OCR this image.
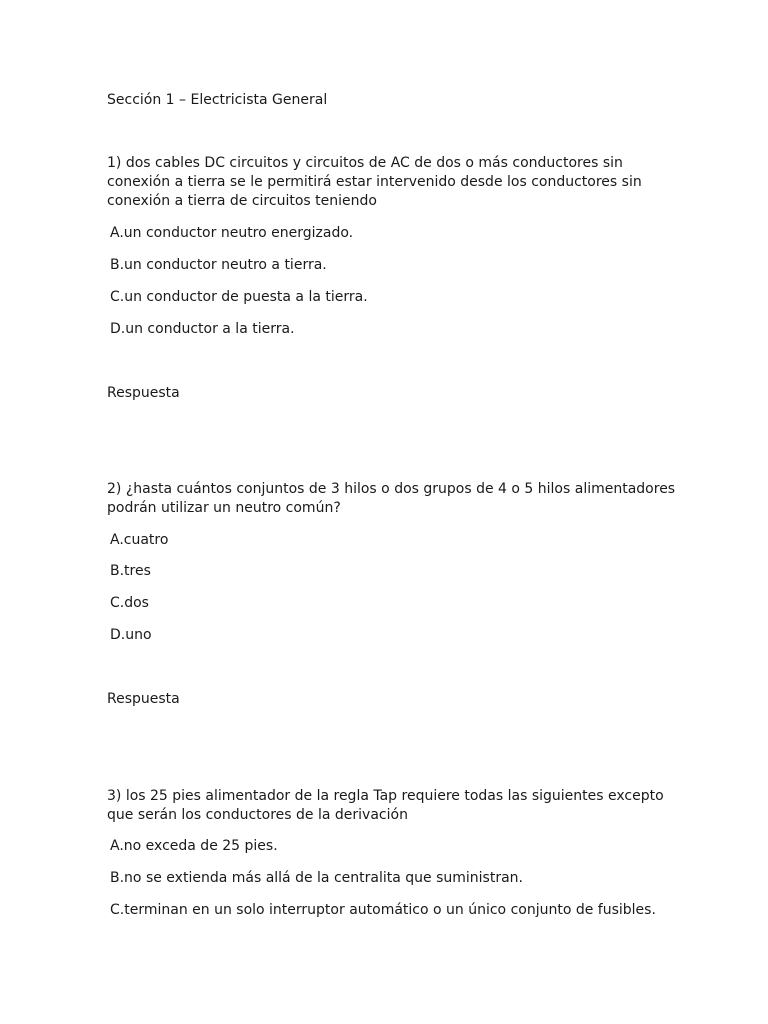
Sección 1 – Electricista General
1) dos cables DC circuitos y circuitos de AC de dos o más conductores sin conexión a tierra se le permitirá estar intervenido desde los conductores sin conexión a tierra de circuitos teniendo
A.un conductor neutro energizado.
B.un conductor neutro a tierra.
C.un conductor de puesta a la tierra.
D.un conductor a la tierra.
Respuesta
2) ¿hasta cuántos conjuntos de 3 hilos o dos grupos de 4 o 5 hilos alimentadores podrán utilizar un neutro común?
A.cuatro
B.tres
C.dos
D.uno
Respuesta
3) los 25 pies alimentador de la regla Tap requiere todas las siguientes excepto que serán los conductores de la derivación
A.no exceda de 25 pies.
B.no se extienda más allá de la centralita que suministran.
C.terminan en un solo interruptor automático o un único conjunto de fusibles.
